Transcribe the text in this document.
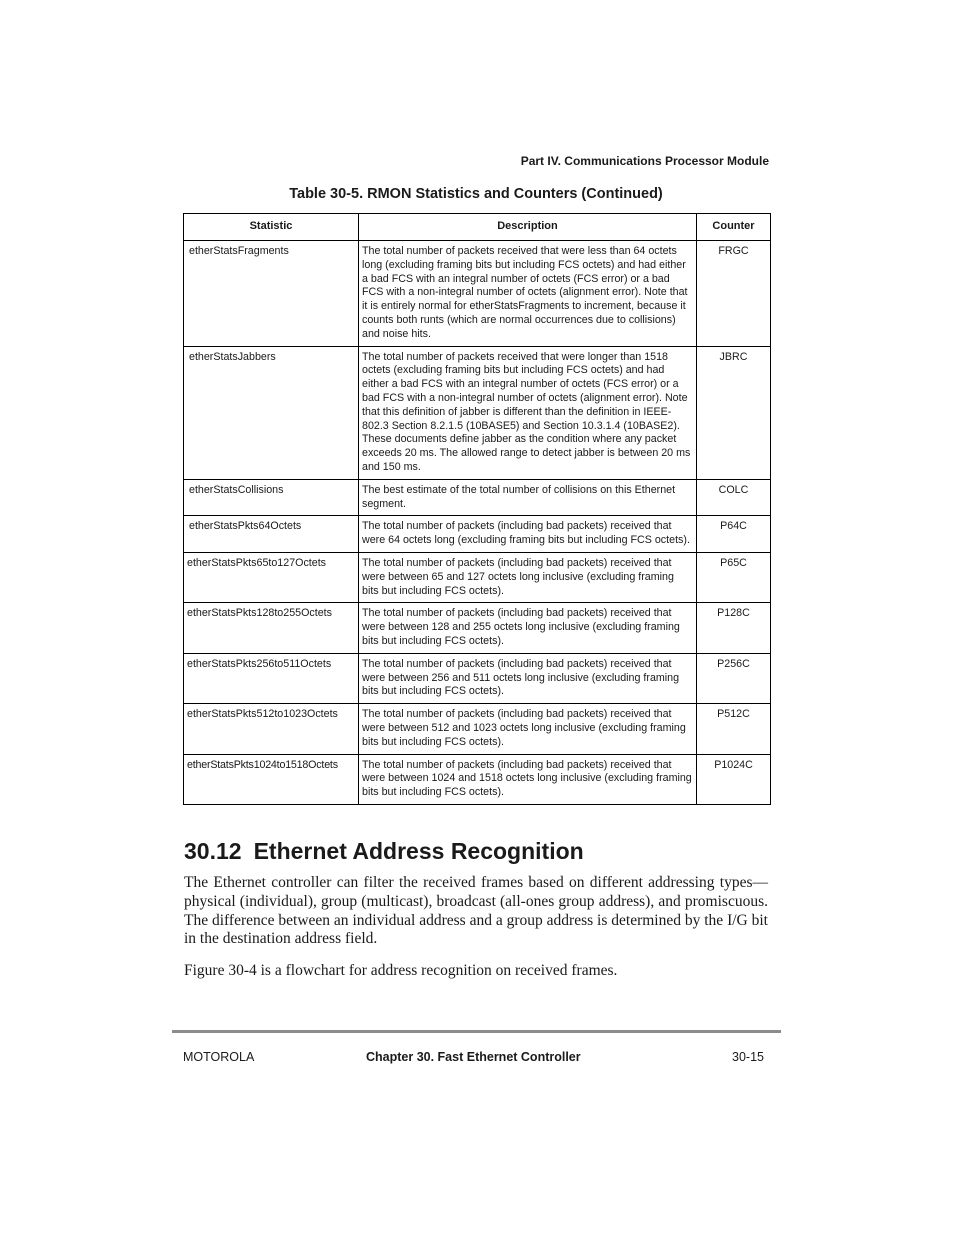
Part IV. Communications Processor Module
Table 30-5. RMON Statistics and Counters (Continued)
Statistic	Description	Counter
etherStatsFragments	The total number of packets received that were less than 64 octets long (excluding framing bits but including FCS octets) and had either a bad FCS with an integral number of octets (FCS error) or a bad FCS with a non-integral number of octets (alignment error). Note that it is entirely normal for etherStatsFragments to increment, because it counts both runts (which are normal occurrences due to collisions) and noise hits.	FRGC
etherStatsJabbers	The total number of packets received that were longer than 1518 octets (excluding framing bits but including FCS octets) and had either a bad FCS with an integral number of octets (FCS error) or a bad FCS with a non-integral number of octets (alignment error). Note that this definition of jabber is different than the definition in IEEE-802.3 Section 8.2.1.5 (10BASE5) and Section 10.3.1.4 (10BASE2). These documents define jabber as the condition where any packet exceeds 20 ms. The allowed range to detect jabber is between 20 ms and 150 ms.	JBRC
etherStatsCollisions	The best estimate of the total number of collisions on this Ethernet segment.	COLC
etherStatsPkts64Octets	The total number of packets (including bad packets) received that were 64 octets long (excluding framing bits but including FCS octets).	P64C
etherStatsPkts65to127Octets	The total number of packets (including bad packets) received that were between 65 and 127 octets long inclusive (excluding framing bits but including FCS octets).	P65C
etherStatsPkts128to255Octets	The total number of packets (including bad packets) received that were between 128 and 255 octets long inclusive (excluding framing bits but including FCS octets).	P128C
etherStatsPkts256to511Octets	The total number of packets (including bad packets) received that were between 256 and 511 octets long inclusive (excluding framing bits but including FCS octets).	P256C
etherStatsPkts512to1023Octets	The total number of packets (including bad packets) received that were between 512 and 1023 octets long inclusive (excluding framing bits but including FCS octets).	P512C
etherStatsPkts1024to1518Octets	The total number of packets (including bad packets) received that were between 1024 and 1518 octets long inclusive (excluding framing bits but including FCS octets).	P1024C
30.12 Ethernet Address Recognition

The Ethernet controller can filter the received frames based on different addressing types—physical (individual), group (multicast), broadcast (all-ones group address), and promiscuous. The difference between an individual address and a group address is determined by the I/G bit in the destination address field.

Figure 30-4 is a flowchart for address recognition on received frames.

MOTOROLA	Chapter 30. Fast Ethernet Controller	30-15
